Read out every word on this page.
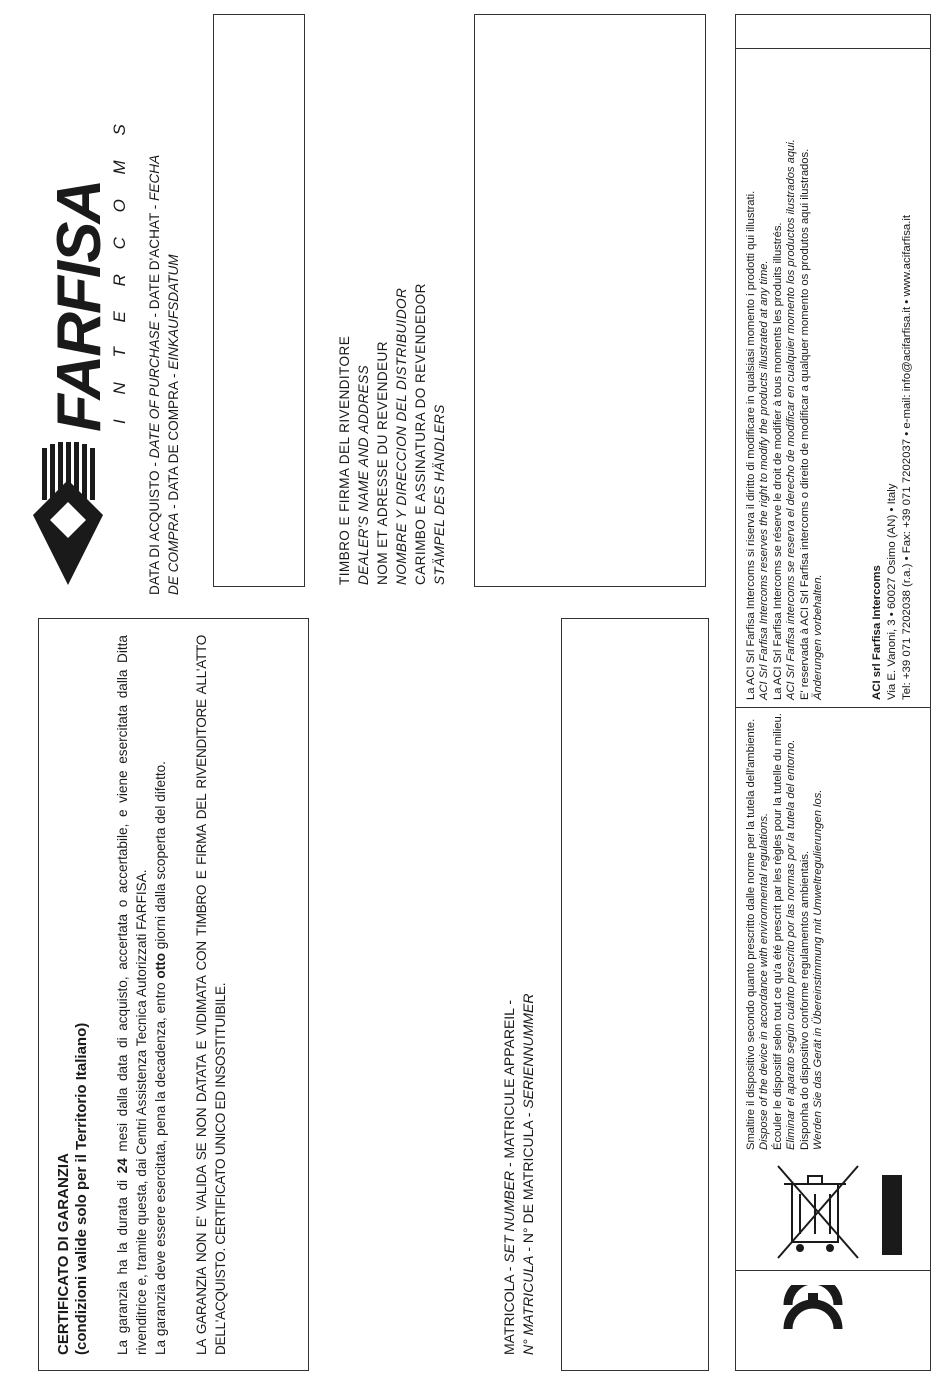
CERTIFICATO DI GARANZIA (condizioni valide solo per il Territorio Italiano) La garanzia ha la durata di 24 mesi dalla data di acquisto, accertata o accertabile, e viene esercitata dalla Ditta rivenditrice e, tramite questa, dai Centri Assistenza Tecnica Autorizzati FARFISA. La garanzia deve essere esercitata, pena la decadenza, entro otto giorni dalla scoperta del difetto. LA GARANZIA NON E' VALIDA SE NON DATATA E VIDIMATA CON TIMBRO E FIRMA DEL RIVENDITORE ALL'ATTO DELL'ACQUISTO. CERTIFICATO UNICO ED INSOSTITUIBILE.	MATRICOLA - SET NUMBER - MATRICULE APPAREIL -

N° MATRICULA - N° DE MATRICULA - SERIENNUMMER

FARFISA
I N T E R C O M S

DATA DI ACQUISTO - DATE OF PURCHASE - DATE D'ACHAT - FECHA

DE COMPRA - DATA DE COMPRA - EINKAUFSDATUM

TIMBRO E FIRMA DEL RIVENDITORE DEALER'S NAME AND ADDRESS NOM ET ADRESSE DU REVENDEUR NOMBRE Y DIRECCION DEL DISTRIBUIDOR CARIMBO E ASSINATURA DO REVENDEDOR STÄMPEL DES HÄNDLERS

Smaltire il dispositivo secondo quanto prescritto dalle norme per la tutela dell'ambiente. Dispose of the device in accordance with environmental regulations. Écouler le dispositif selon tout ce qu'a été prescrit par les règles pour la tutelle du milieu. Eliminar el aparato según cuánto prescrito por las normas por la tutela del entorno. Disponha do dispositivo conforme regulamentos ambientais. Werden Sie das Gerät in Übereinstimmung mit Umweltregulierungen los.

La ACI Srl Farfisa Intercoms si riserva il diritto di modificare in qualsiasi momento i prodotti qui illustrati. ACI Srl Farfisa Intercoms reserves the right to modify the products illustrated at any time. La ACI Srl Farfisa Intercoms se réserve le droit de modifier à tous moments les produits illustrés. ACI Srl Farfisa intercoms se reserva el derecho de modificar en cualquier momento los productos ilustrados aqui. E' reservada à ACI Srl Farfisa intercoms o direito de modificar a qualquer momento os produtos aqui ilustrados. Änderungen vorbehalten.	ACI srl Farfisa Intercoms Via E. Vanoni, 3 • 60027 Osimo (AN) • Italy Tel: +39 071 7202038 (r.a.) • Fax: +39 071 7202037 • e-mail: info@acifarfisa.it • www.acifarfisa.it
